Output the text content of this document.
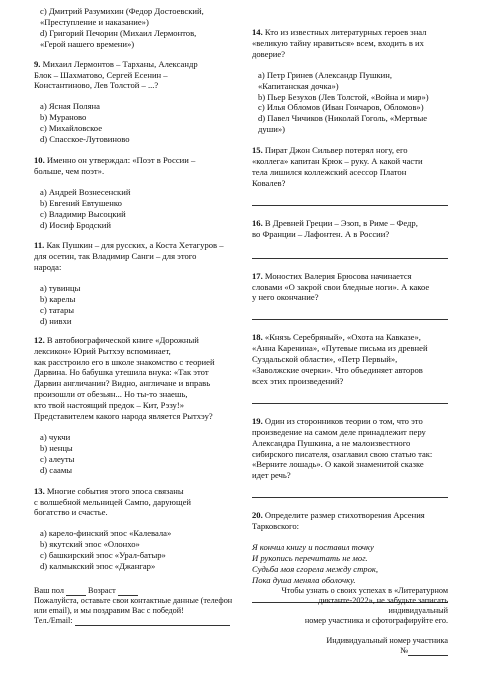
c) Дмитрий Разумихин (Федор Достоевский,
«Преступление и наказание»)
d) Григорий Печорин (Михаил Лермонтов,
«Герой нашего времени»)
9. Михаил Лермонтов – Тарханы, Александр
Блок – Шахматово, Сергей Есенин –
Константиново, Лев Толстой – ...?
a) Ясная Поляна
b) Мураново
c) Михайловское
d) Спасское-Лутовиново
10. Именно он утверждал: «Поэт в России –
больше, чем поэт».
a) Андрей Вознесенский
b) Евгений Евтушенко
c) Владимир Высоцкий
d) Иосиф Бродский
11. Как Пушкин – для русских, а Коста Хетагуров –
для осетин, так Владимир Санги – для этого
народа:
a) тувинцы
b) карелы
c) татары
d) нивхи
12. В автобиографической книге «Дорожный
лексикон» Юрий Рытхэу вспоминает,
как расстроило его в школе знакомство с теорией
Дарвина. Но бабушка утешила внука: «Так этот
Дарвин англичанин? Видно, англичане и вправь
произошли от обезьян... Но ты-то знаешь,
кто твой настоящий предок – Кит, Рэзу!»
Представителем какого народа является Рытхэу?
a) чукчи
b) ненцы
c) алеуты
d) саамы
13. Многие события этого эпоса связаны
с волшебной мельницей Сампо, дарующей
богатство и счастье.
a) карело-финский эпос «Калевала»
b) якутский эпос «Олонхо»
c) башкирский эпос «Урал-батыр»
d) калмыкский эпос «Джангар»
14. Кто из известных литературных героев знал
«великую тайну нравиться» всем, входить в их
доверие?
a) Петр Гринев (Александр Пушкин,
«Капитанская дочка»)
b) Пьер Безухов (Лев Толстой, «Война и мир»)
c) Илья Обломов (Иван Гончаров, Обломов»)
d) Павел Чичиков (Николай Гоголь, «Мертвые
души»)
15. Пират Джон Сильвер потерял ногу, его
«коллега» капитан Крюк – руку. А какой части
тела лишился коллежский асессор Платон
Ковалев?
16. В Древней Греции – Эзоп, в Риме – Федр,
во Франции – Лафонтен. А в России?
17. Моностих Валерия Брюсова начинается
словами «О закрой свои бледные ноги». А какое
у него окончание?
18. «Князь Серебряный», «Охота на Кавказе»,
«Анна Каренина», «Путевые письма из древней
Суздальской области», «Петр Первый»,
«Заволжские очерки». Что объединяет авторов
всех этих произведений?
19. Один из сторонников теории о том, что это
произведение на самом деле принадлежит перу
Александра Пушкина, а не малоизвестного
сибирского писателя, озаглавил свою статью так:
«Верните лошадь». О какой знаменитой сказке
идет речь?
20. Определите размер стихотворения Арсения
Тарковского:
Я кончил книгу и поставил точку
И рукопись перечитать не мог.
Судьба моя сгорела между строк,
Пока душа меняла оболочку.
Ваш пол	Возраст
Пожалуйста, оставьте свои контактные данные (телефон
или email), и мы поздравим Вас с победой!
Тел./Email:
Чтобы узнать о своих успехах в «Литературном
диктанте-2022», не забудьте записать индивидуальный
номер участника и сфотографируйте его.
Индивидуальный номер участника
№
